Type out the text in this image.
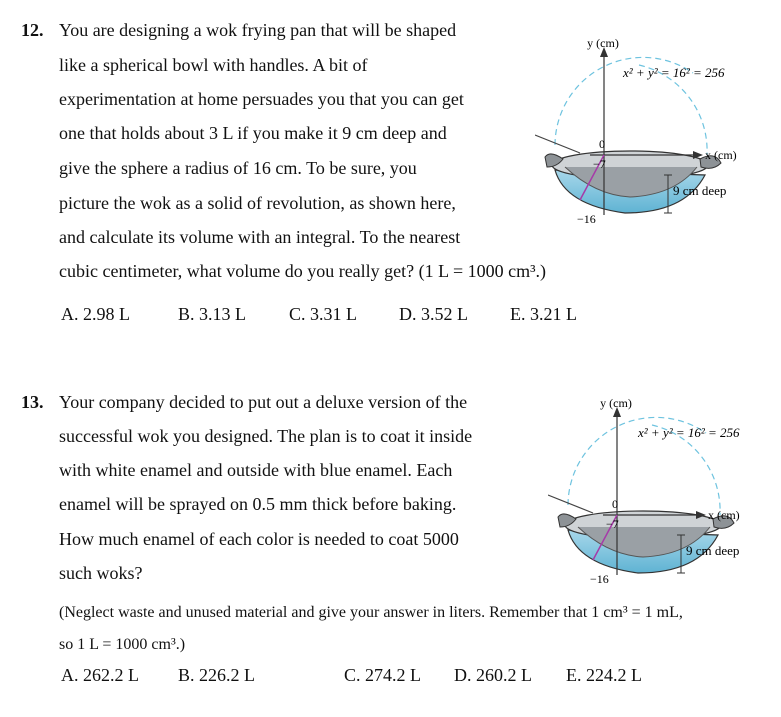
12. You are designing a wok frying pan that will be shaped
like a spherical bowl with handles. A bit of
experimentation at home persuades you that you can get
one that holds about 3 L if you make it 9 cm deep and
give the sphere a radius of 16 cm. To be sure, you
picture the wok as a solid of revolution, as shown here,
and calculate its volume with an integral. To the nearest
cubic centimeter, what volume do you really get? (1 L = 1000 cm³.)
A. 2.98 L	B. 3.13 L C. 3.31 L D. 3.52 L E. 3.21 L
y (cm)
x² + y² = 16² = 256
x (cm)
9 cm deep
0
−7
−16
13. Your company decided to put out a deluxe version of the
successful wok you designed. The plan is to coat it inside
with white enamel and outside with blue enamel. Each
enamel will be sprayed on 0.5 mm thick before baking.
How much enamel of each color is needed to coat 5000
such woks?
(Neglect waste and unused material and give your answer in liters. Remember that 1 cm³ = 1 mL,
so 1 L = 1000 cm³.)
A. 262.2 L B. 226.2 L	C. 274.2 L D. 260.2 L E. 224.2 L
y (cm)
x² + y² = 16² = 256
x (cm)
9 cm deep
0
−7
−16
